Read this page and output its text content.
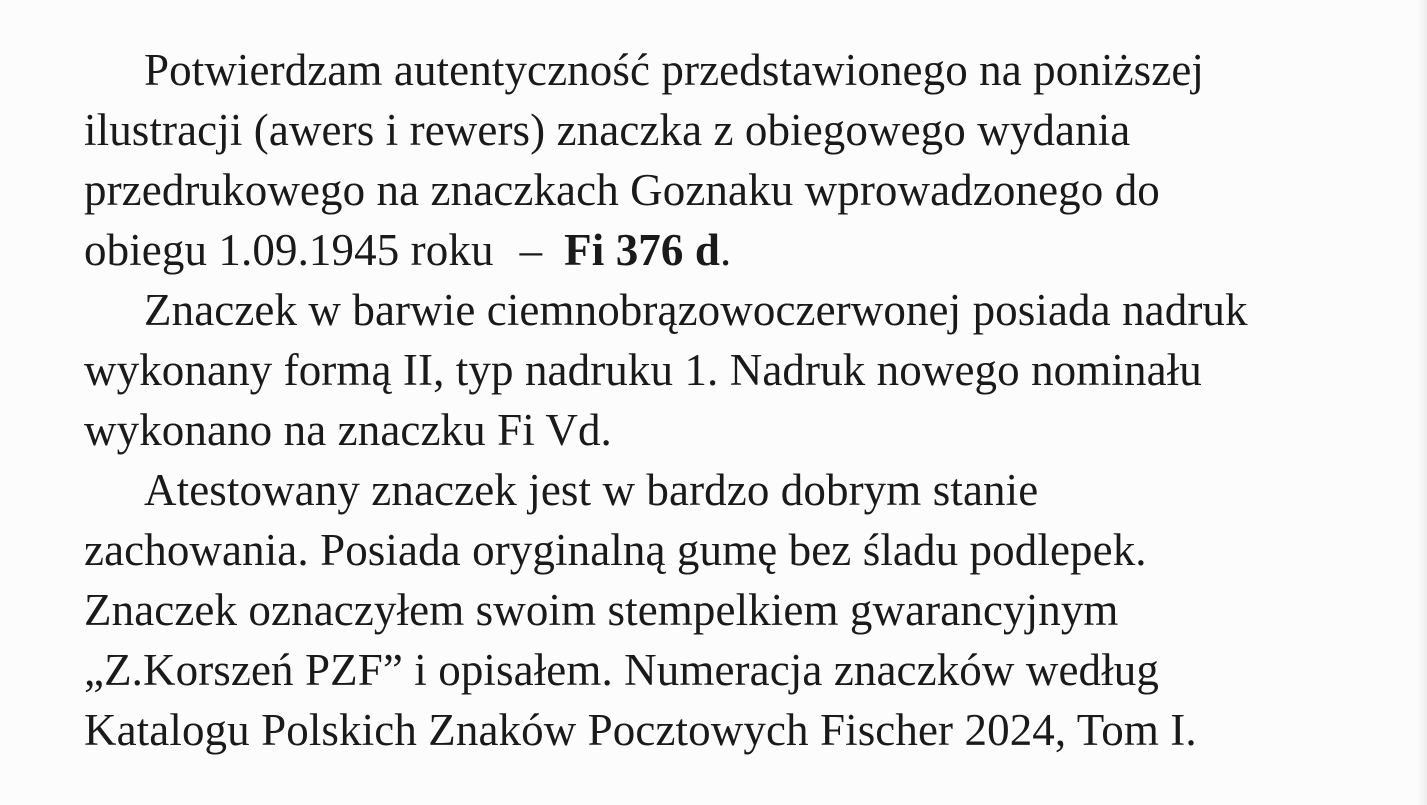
Potwierdzam autentyczność przedstawionego na poniższej
ilustracji (awers i rewers) znaczka z obiegowego wydania
przedrukowego na znaczkach Goznaku wprowadzonego do
obiegu 1.09.1945 roku – Fi 376 d.
Znaczek w barwie ciemnobrązowoczerwonej posiada nadruk
wykonany formą II, typ nadruku 1. Nadruk nowego nominału
wykonano na znaczku Fi Vd.
Atestowany znaczek jest w bardzo dobrym stanie
zachowania. Posiada oryginalną gumę bez śladu podlepek.
Znaczek oznaczyłem swoim stempelkiem gwarancyjnym
„Z.Korszeń PZF” i opisałem. Numeracja znaczków według
Katalogu Polskich Znaków Pocztowych Fischer 2024, Tom I.
